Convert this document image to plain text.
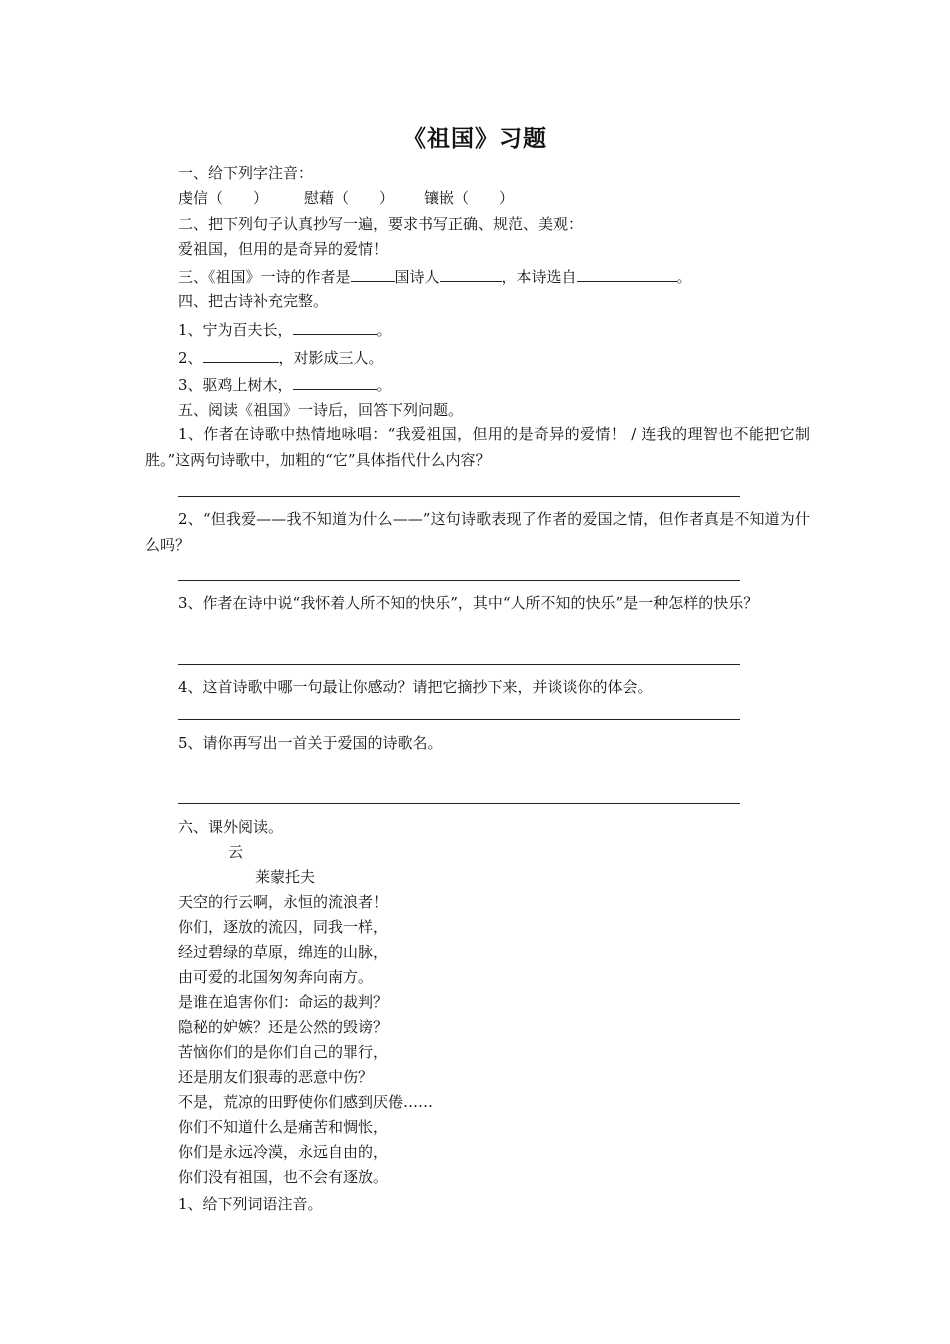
《祖国》习题
一、给下列字注音：
虔信（　　） 慰藉（　　） 镶嵌（　　）
二、把下列句子认真抄写一遍，要求书写正确、规范、美观：
爱祖国，但用的是奇异的爱情！
三、《祖国》一诗的作者是	国诗人	，本诗选自	。
四、把古诗补充完整。
1、宁为百夫长，	。
2、	，对影成三人。
3、驱鸡上树木，	。
五、阅读《祖国》一诗后，回答下列问题。
1、作者在诗歌中热情地咏唱：“我爱祖国，但用的是奇异的爱情！ / 连我的理智也不能把它制胜。”这两句诗歌中，加粗的“它”具体指代什么内容？
2、“但我爱——我不知道为什么——”这句诗歌表现了作者的爱国之情，但作者真是不知道为什么吗？
3、作者在诗中说“我怀着人所不知的快乐”，其中“人所不知的快乐”是一种怎样的快乐？
4、这首诗歌中哪一句最让你感动？请把它摘抄下来，并谈谈你的体会。
5、请你再写出一首关于爱国的诗歌名。
六、课外阅读。
云
莱蒙托夫
天空的行云啊，永恒的流浪者！
你们，逐放的流囚，同我一样，
经过碧绿的草原，绵连的山脉，
由可爱的北国匆匆奔向南方。
是谁在追害你们：命运的裁判？
隐秘的妒嫉？还是公然的毁谤？
苦恼你们的是你们自己的罪行，
还是朋友们狠毒的恶意中伤？
不是，荒凉的田野使你们感到厌倦……
你们不知道什么是痛苦和惆怅，
你们是永远冷漠，永远自由的，
你们没有祖国，也不会有逐放。
1、给下列词语注音。
